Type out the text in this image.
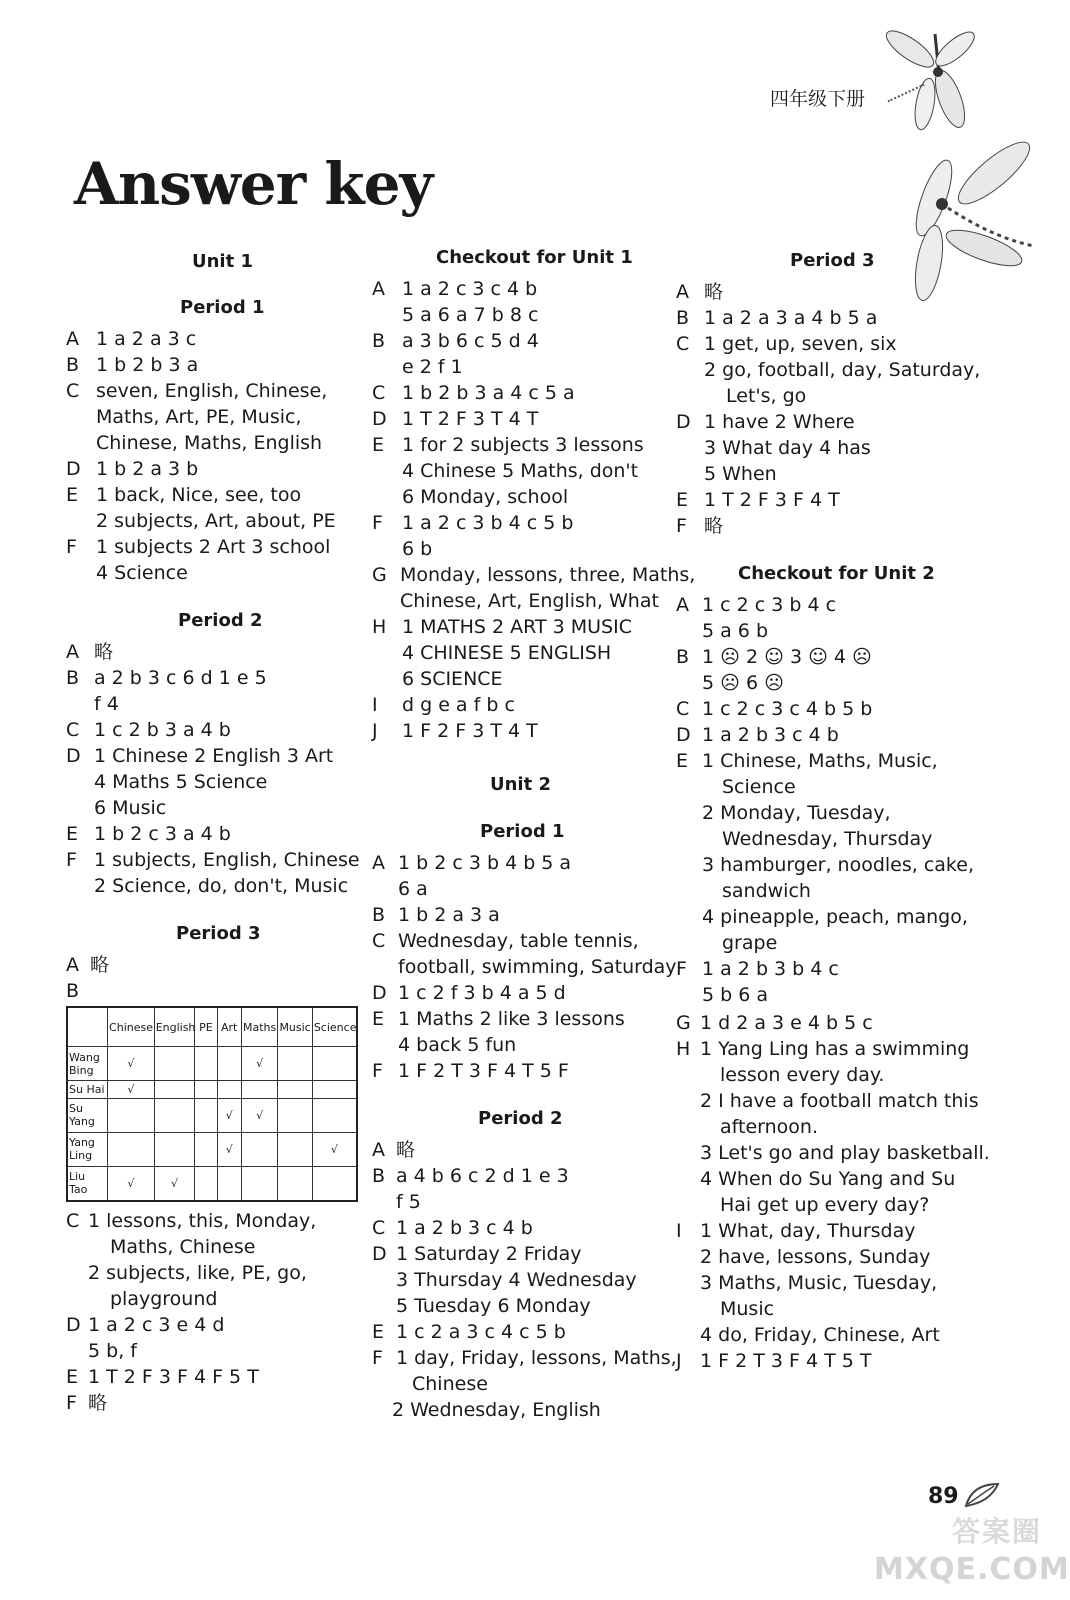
四年级下册
Answer key
Unit 1
Period 1
A 1 a 2 a 3 c
B 1 b 2 b 3 a
C seven, English, Chinese,
Maths, Art, PE, Music,
Chinese, Maths, English
D 1 b 2 a 3 b
E 1 back, Nice, see, too
2 subjects, Art, about, PE
F 1 subjects 2 Art 3 school
4 Science
Period 2
A 略
B a 2 b 3 c 6 d 1 e 5
f 4
C 1 c 2 b 3 a 4 b
D 1 Chinese 2 English 3 Art
4 Maths 5 Science
6 Music
E 1 b 2 c 3 a 4 b
F 1 subjects, English, Chinese
2 Science, do, don't, Music
Period 3
A 略
B
	Chinese	English	PE	Art	Maths	Music	Science
Wang Bing	√				√		
Su Hai	√						
Su Yang				√	√		
Yang Ling				√			√
Liu Tao	√	√					
C 1 lessons, this, Monday,
Maths, Chinese
2 subjects, like, PE, go,
playground
D 1 a 2 c 3 e 4 d
5 b, f
E 1 T 2 F 3 F 4 F 5 T
F 略
Checkout for Unit 1
A 1 a 2 c 3 c 4 b
5 a 6 a 7 b 8 c
B a 3 b 6 c 5 d 4
e 2 f 1
C 1 b 2 b 3 a 4 c 5 a
D 1 T 2 F 3 T 4 T
E 1 for 2 subjects 3 lessons
4 Chinese 5 Maths, don't
6 Monday, school
F 1 a 2 c 3 b 4 c 5 b
6 b
G Monday, lessons, three, Maths,
Chinese, Art, English, What
H 1 MATHS 2 ART 3 MUSIC
4 CHINESE 5 ENGLISH
6 SCIENCE
I d g e a f b c
J 1 F 2 F 3 T 4 T
Unit 2
Period 1
A 1 b 2 c 3 b 4 b 5 a
6 a
B 1 b 2 a 3 a
C Wednesday, table tennis,
football, swimming, Saturday
D 1 c 2 f 3 b 4 a 5 d
E 1 Maths 2 like 3 lessons
4 back 5 fun
F 1 F 2 T 3 F 4 T 5 F
Period 2
A 略
B a 4 b 6 c 2 d 1 e 3
f 5
C 1 a 2 b 3 c 4 b
D 1 Saturday 2 Friday
3 Thursday 4 Wednesday
5 Tuesday 6 Monday
E 1 c 2 a 3 c 4 c 5 b
F 1 day, Friday, lessons, Maths,
Chinese
2 Wednesday, English
Period 3
A 略
B 1 a 2 a 3 a 4 b 5 a
C 1 get, up, seven, six
2 go, football, day, Saturday,
Let's, go
D 1 have 2 Where
3 What day 4 has
5 When
E 1 T 2 F 3 F 4 T
F 略
Checkout for Unit 2
A 1 c 2 c 3 b 4 c
5 a 6 b
B 1 ☹ 2 ☺ 3 ☺ 4 ☹
5 ☹ 6 ☹
C 1 c 2 c 3 c 4 b 5 b
D 1 a 2 b 3 c 4 b
E 1 Chinese, Maths, Music,
Science
2 Monday, Tuesday,
Wednesday, Thursday
3 hamburger, noodles, cake,
sandwich
4 pineapple, peach, mango,
grape
F 1 a 2 b 3 b 4 c
5 b 6 a
G 1 d 2 a 3 e 4 b 5 c
H 1 Yang Ling has a swimming
lesson every day.
2 I have a football match this
afternoon.
3 Let's go and play basketball.
4 When do Su Yang and Su
Hai get up every day?
I 1 What, day, Thursday
2 have, lessons, Sunday
3 Maths, Music, Tuesday,
Music
4 do, Friday, Chinese, Art
J 1 F 2 T 3 F 4 T 5 T
89
答案圈
MXQE.COM
